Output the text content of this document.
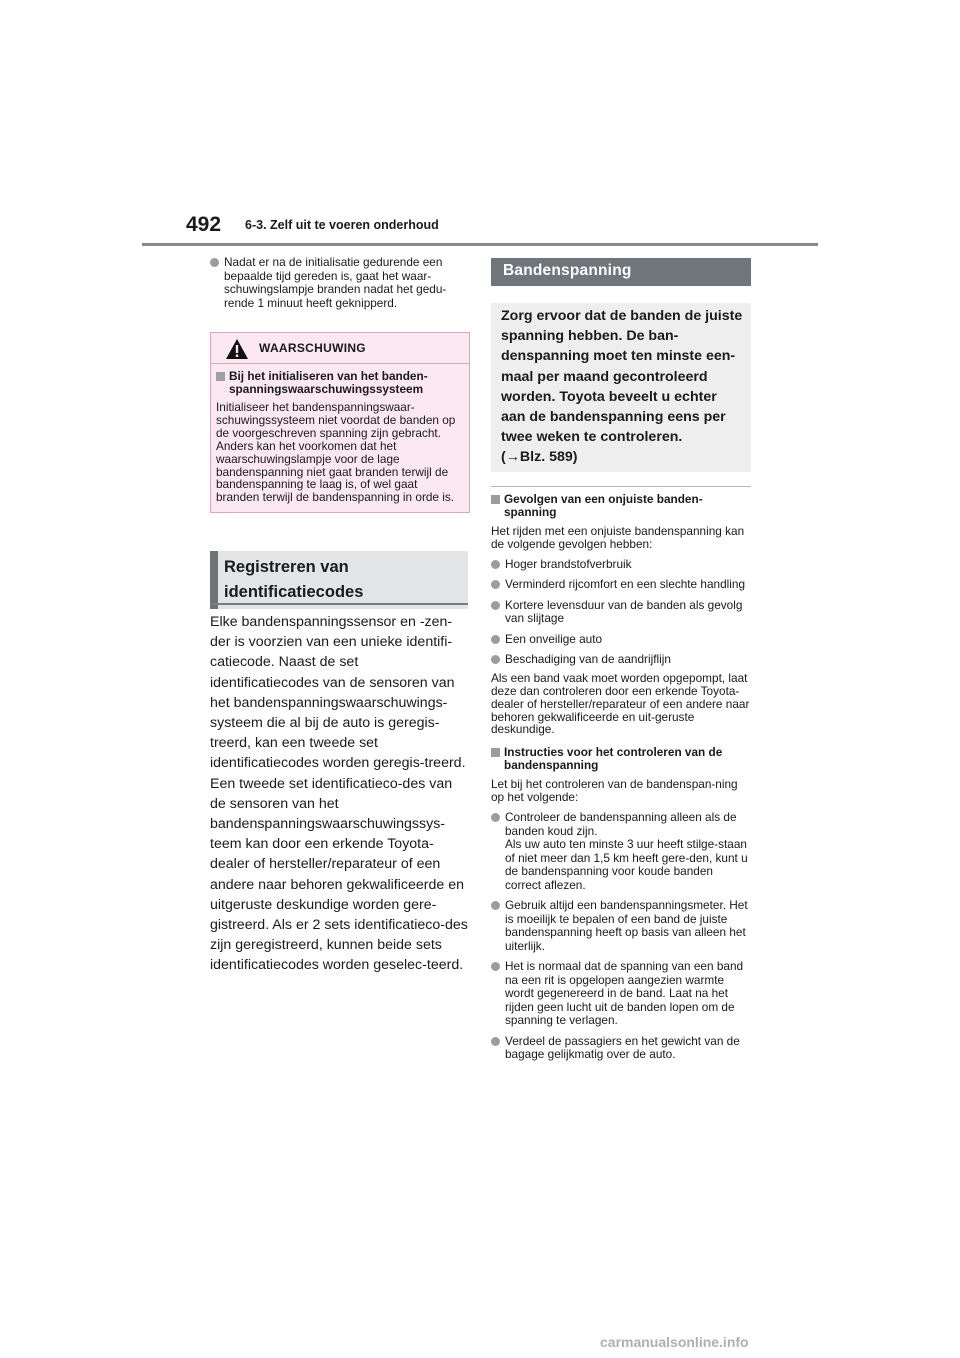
492 6-3. Zelf uit te voeren onderhoud
Nadat er na de initialisatie gedurende een bepaalde tijd gereden is, gaat het waar-schuwingslampje branden nadat het gedu-rende 1 minuut heeft geknipperd.
WAARSCHUWING
Bij het initialiseren van het banden-spanningswaarschuwingssysteem
Initialiseer het bandenspanningswaar-schuwingssysteem niet voordat de banden op de voorgeschreven spanning zijn gebracht. Anders kan het voorkomen dat het waarschuwingslampje voor de lage bandenspanning niet gaat branden terwijl de bandenspanning te laag is, of wel gaat branden terwijl de bandenspanning in orde is.
Registreren van identificatiecodes
Elke bandenspanningssensor en -zen-der is voorzien van een unieke identifi-catiecode. Naast de set identificatiecodes van de sensoren van het bandenspanningswaarschuwings-systeem die al bij de auto is geregis-treerd, kan een tweede set identificatiecodes worden geregis-treerd. Een tweede set identificatieco-des van de sensoren van het bandenspanningswaarschuwingssys-teem kan door een erkende Toyota-dealer of hersteller/reparateur of een andere naar behoren gekwalificeerde en uitgeruste deskundige worden gere-gistreerd. Als er 2 sets identificatieco-des zijn geregistreerd, kunnen beide sets identificatiecodes worden geselec-teerd.
Bandenspanning
Zorg ervoor dat de banden de juiste spanning hebben. De ban-denspanning moet ten minste een-maal per maand gecontroleerd worden. Toyota beveelt u echter aan de bandenspanning eens per twee weken te controleren.
(→Blz. 589)
Gevolgen van een onjuiste banden-spanning
Het rijden met een onjuiste bandenspanning kan de volgende gevolgen hebben:
Hoger brandstofverbruik
Verminderd rijcomfort en een slechte handling
Kortere levensduur van de banden als gevolg van slijtage
Een onveilige auto
Beschadiging van de aandrijflijn
Als een band vaak moet worden opgepompt, laat deze dan controleren door een erkende Toyota-dealer of hersteller/reparateur of een andere naar behoren gekwalificeerde en uit-geruste deskundige.
Instructies voor het controleren van de bandenspanning
Let bij het controleren van de bandenspan-ning op het volgende:
Controleer de bandenspanning alleen als de banden koud zijn.
Als uw auto ten minste 3 uur heeft stilge-staan of niet meer dan 1,5 km heeft gere-den, kunt u de bandenspanning voor koude banden correct aflezen.
Gebruik altijd een bandenspanningsmeter. Het is moeilijk te bepalen of een band de juiste bandenspanning heeft op basis van alleen het uiterlijk.
Het is normaal dat de spanning van een band na een rit is opgelopen aangezien warmte wordt gegenereerd in de band. Laat na het rijden geen lucht uit de banden lopen om de spanning te verlagen.
Verdeel de passagiers en het gewicht van de bagage gelijkmatig over de auto.
carmanualsonline.info
